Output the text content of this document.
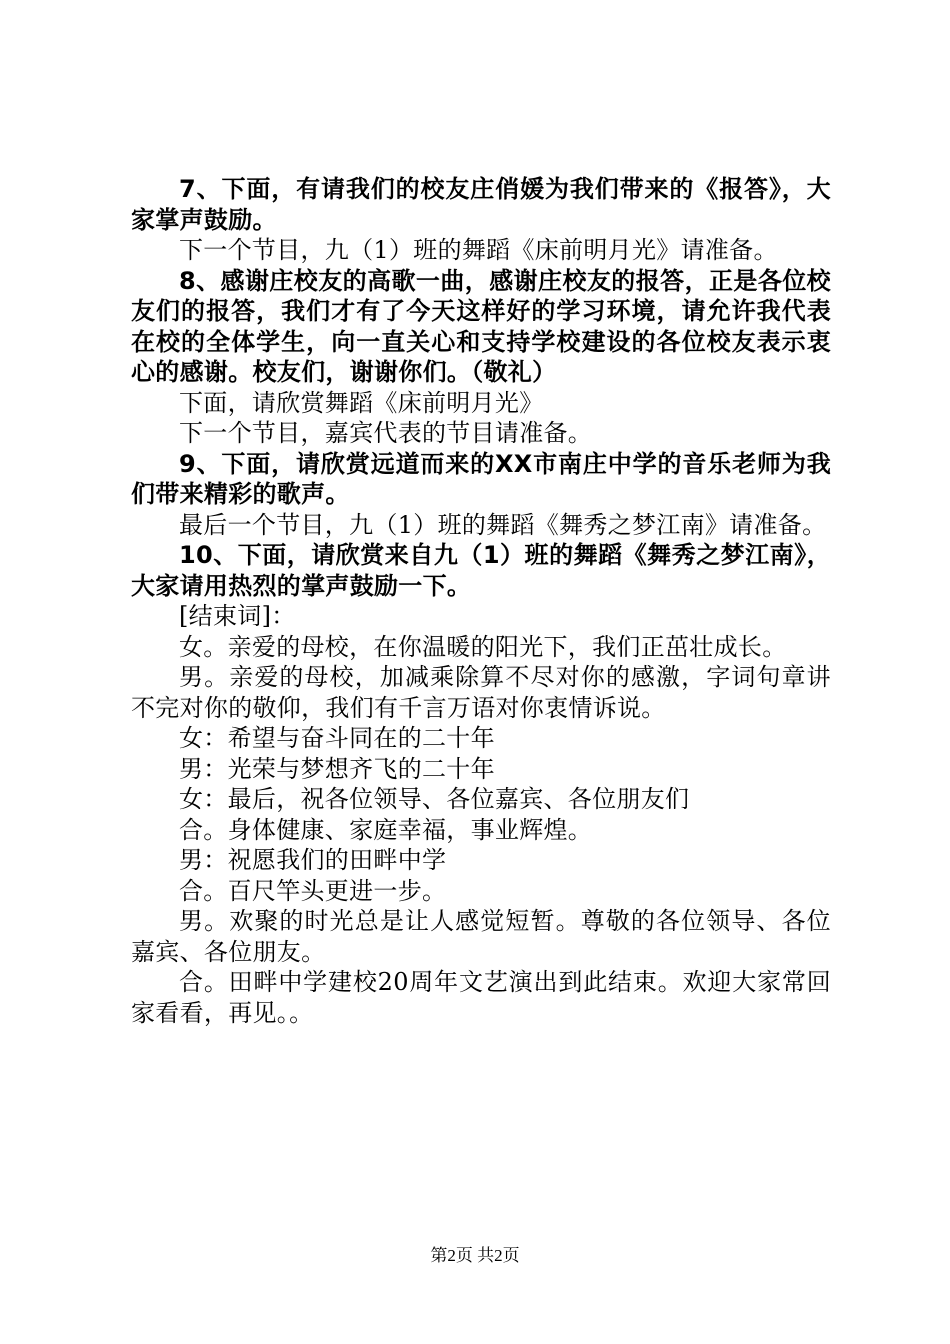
7、下面，有请我们的校友庄俏媛为我们带来的《报答》，大家掌声鼓励。

下一个节目，九（1）班的舞蹈《床前明月光》请准备。

8、感谢庄校友的高歌一曲，感谢庄校友的报答，正是各位校友们的报答，我们才有了今天这样好的学习环境，请允许我代表在校的全体学生，向一直关心和支持学校建设的各位校友表示衷心的感谢。校友们，谢谢你们。（敬礼）

下面，请欣赏舞蹈《床前明月光》

下一个节目，嘉宾代表的节目请准备。

9、下面，请欣赏远道而来的XX市南庄中学的音乐老师为我们带来精彩的歌声。

最后一个节目，九（1）班的舞蹈《舞秀之梦江南》请准备。

10、下面，请欣赏来自九（1）班的舞蹈《舞秀之梦江南》，大家请用热烈的掌声鼓励一下。

[结束词]：

女。亲爱的母校，在你温暖的阳光下，我们正茁壮成长。

男。亲爱的母校，加减乘除算不尽对你的感激，字词句章讲不完对你的敬仰，我们有千言万语对你衷情诉说。

女：希望与奋斗同在的二十年

男：光荣与梦想齐飞的二十年

女：最后，祝各位领导、各位嘉宾、各位朋友们

合。身体健康、家庭幸福，事业辉煌。

男：祝愿我们的田畔中学

合。百尺竿头更进一步。

男。欢聚的时光总是让人感觉短暂。尊敬的各位领导、各位嘉宾、各位朋友。

合。田畔中学建校20周年文艺演出到此结束。欢迎大家常回家看看，再见。。

第2页 共2页
